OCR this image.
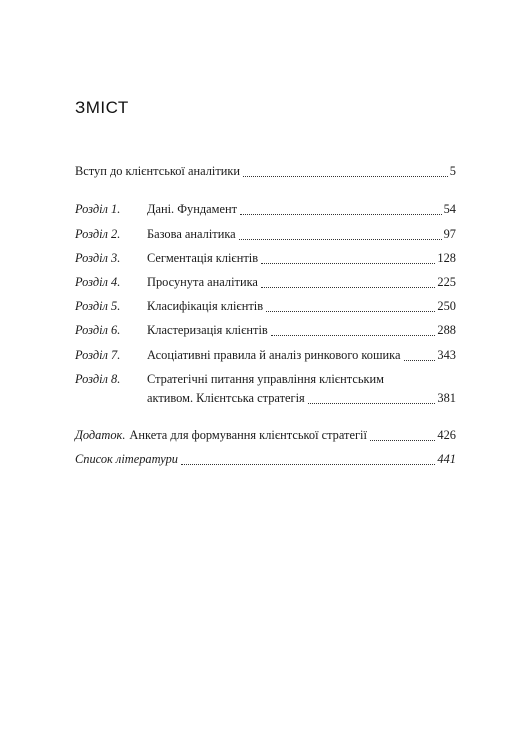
ЗМІСТ
Вступ до клієнтської аналітики	5
Розділ 1.	Дані. Фундамент	54
Розділ 2.	Базова аналітика	97
Розділ 3.	Сегментація клієнтів	128
Розділ 4.	Просунута аналітика	225
Розділ 5.	Класифікація клієнтів	250
Розділ 6.	Кластеризація клієнтів	288
Розділ 7.	Асоціативні правила й аналіз ринкового кошика	343
Розділ 8.	Стратегічні питання управління клієнтським
активом. Клієнтська стратегія	381
Додаток. Анкета для формування клієнтської стратегії	426
Список літератури	441
